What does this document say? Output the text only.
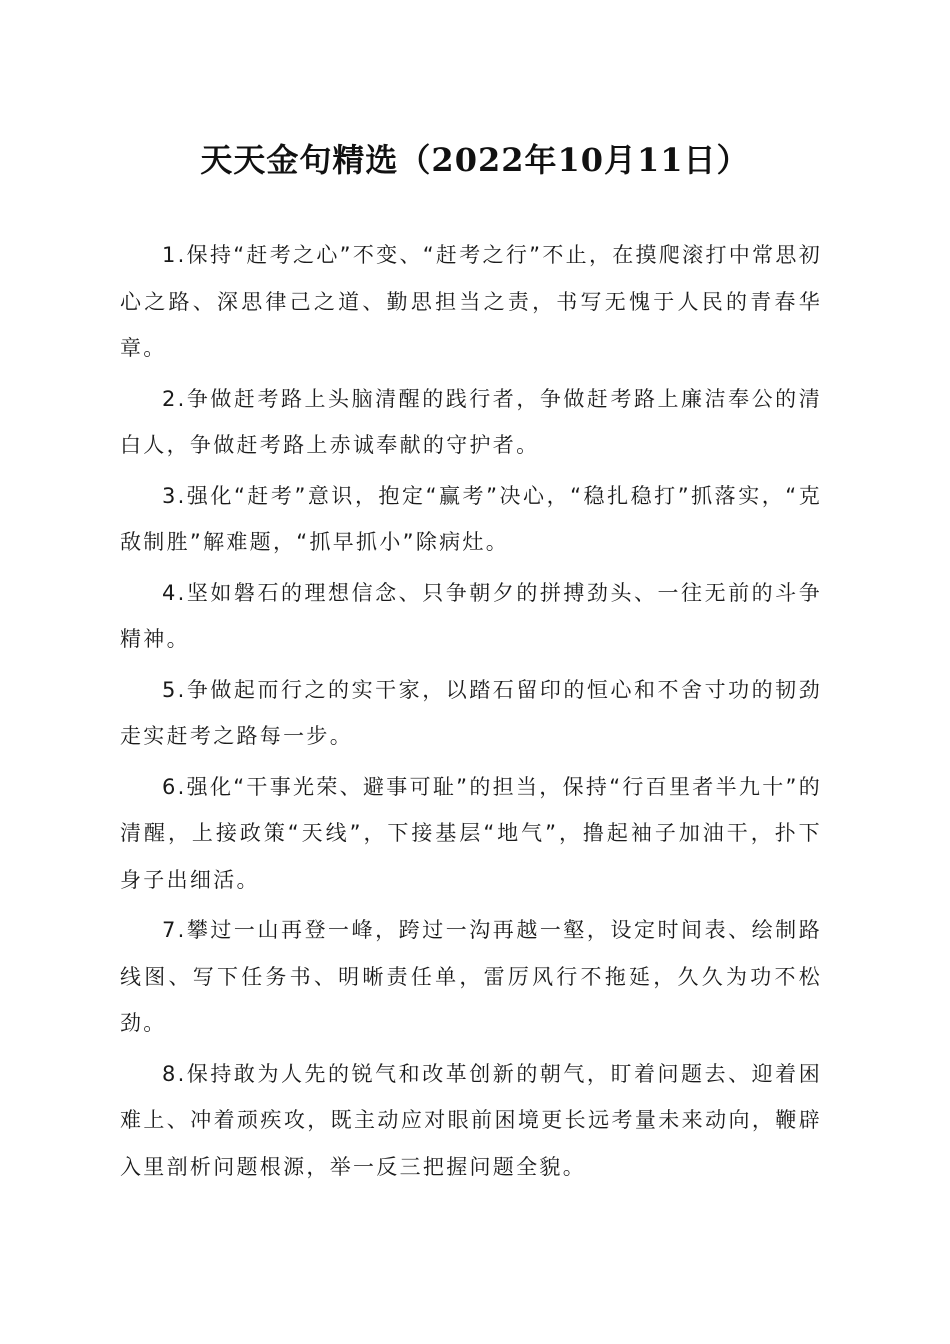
天天金句精选（2022年10月11日）

1.保持“赶考之心”不变、“赶考之行”不止，在摸爬滚打中常思初心之路、深思律己之道、勤思担当之责，书写无愧于人民的青春华章。

2.争做赶考路上头脑清醒的践行者，争做赶考路上廉洁奉公的清白人，争做赶考路上赤诚奉献的守护者。

3.强化“赶考”意识，抱定“赢考”决心，“稳扎稳打”抓落实，“克敌制胜”解难题，“抓早抓小”除病灶。

4.坚如磐石的理想信念、只争朝夕的拼搏劲头、一往无前的斗争精神。

5.争做起而行之的实干家，以踏石留印的恒心和不舍寸功的韧劲走实赶考之路每一步。

6.强化“干事光荣、避事可耻”的担当，保持“行百里者半九十”的清醒，上接政策“天线”，下接基层“地气”，撸起袖子加油干，扑下身子出细活。

7.攀过一山再登一峰，跨过一沟再越一壑，设定时间表、绘制路线图、写下任务书、明晰责任单，雷厉风行不拖延，久久为功不松劲。

8.保持敢为人先的锐气和改革创新的朝气，盯着问题去、迎着困难上、冲着顽疾攻，既主动应对眼前困境更长远考量未来动向，鞭辟入里剖析问题根源，举一反三把握问题全貌。
